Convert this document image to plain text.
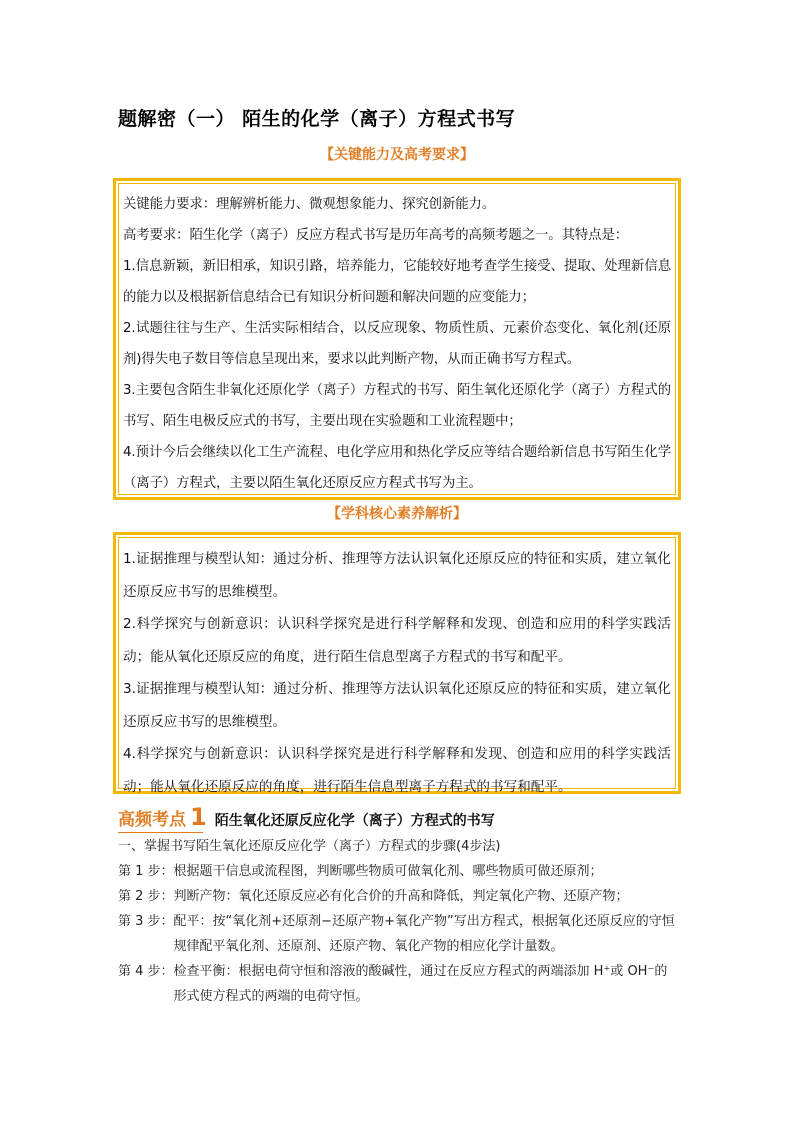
题解密（一） 陌生的化学（离子）方程式书写
【关键能力及高考要求】

关键能力要求：理解辨析能力、微观想象能力、探究创新能力。

高考要求：陌生化学（离子）反应方程式书写是历年高考的高频考题之一。其特点是：

1.信息新颖，新旧相承，知识引路，培养能力，它能较好地考查学生接受、提取、处理新信息的能力以及根据新信息结合已有知识分析问题和解决问题的应变能力；

2.试题往往与生产、生活实际相结合，以反应现象、物质性质、元素价态变化、氧化剂(还原剂)得失电子数目等信息呈现出来，要求以此判断产物，从而正确书写方程式。

3.主要包含陌生非氧化还原化学（离子）方程式的书写、陌生氧化还原化学（离子）方程式的书写、陌生电极反应式的书写，主要出现在实验题和工业流程题中；

4.预计今后会继续以化工生产流程、电化学应用和热化学反应等结合题给新信息书写陌生化学（离子）方程式，主要以陌生氧化还原反应方程式书写为主。

【学科核心素养解析】

1.证据推理与模型认知：通过分析、推理等方法认识氧化还原反应的特征和实质，建立氧化还原反应书写的思维模型。

2.科学探究与创新意识：认识科学探究是进行科学解释和发现、创造和应用的科学实践活动；能从氧化还原反应的角度，进行陌生信息型离子方程式的书写和配平。

3.证据推理与模型认知：通过分析、推理等方法认识氧化还原反应的特征和实质，建立氧化还原反应书写的思维模型。

4.科学探究与创新意识：认识科学探究是进行科学解释和发现、创造和应用的科学实践活动；能从氧化还原反应的角度，进行陌生信息型离子方程式的书写和配平。

高频考点 1 陌生氧化还原反应化学（离子）方程式的书写
一、掌握书写陌生氧化还原反应化学（离子）方程式的步骤(4步法)
第 1 步： 根据题干信息或流程图，判断哪些物质可做氧化剂、哪些物质可做还原剂；
第 2 步： 判断产物：氧化还原反应必有化合价的升高和降低，判定氧化产物、还原产物；
第 3 步： 配平：按“氧化剂+还原剂−还原产物+氧化产物”写出方程式，根据氧化还原反应的守恒规律配平氧化剂、还原剂、还原产物、氧化产物的相应化学计量数。
第 4 步： 检查平衡：根据电荷守恒和溶液的酸碱性，通过在反应方程式的两端添加 H⁺或 OH⁻的形式使方程式的两端的电荷守恒。
